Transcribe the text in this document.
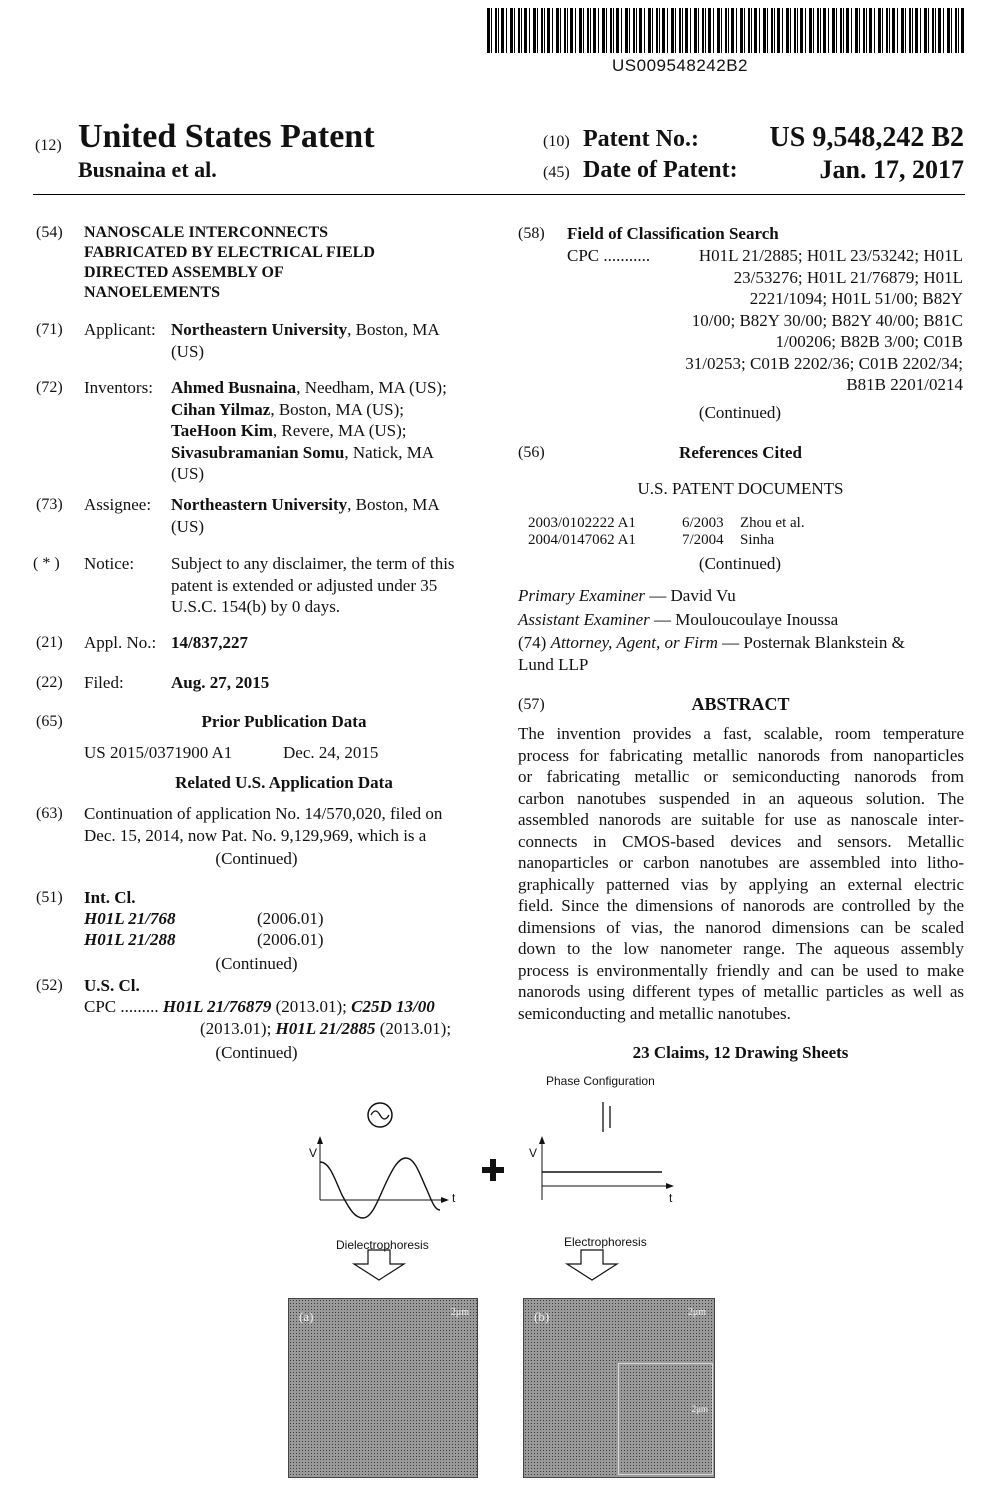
US009548242B2
(12) United States Patent
Busnaina et al.
(10) Patent No.:	US 9,548,242 B2
(45) Date of Patent:	Jan. 17, 2017
(54) NANOSCALE INTERCONNECTS
FABRICATED BY ELECTRICAL FIELD
DIRECTED ASSEMBLY OF
NANOELEMENTS
(71) Applicant: Northeastern University, Boston, MA
(US)
(72) Inventors: Ahmed Busnaina, Needham, MA (US);
Cihan Yilmaz, Boston, MA (US);
TaeHoon Kim, Revere, MA (US);
Sivasubramanian Somu, Natick, MA
(US)
(73) Assignee: Northeastern University, Boston, MA
(US)
( * ) Notice: Subject to any disclaimer, the term of this
patent is extended or adjusted under 35
U.S.C. 154(b) by 0 days.
(21) Appl. No.: 14/837,227
(22) Filed:	Aug. 27, 2015
(65)	Prior Publication Data
US 2015/0371900 A1	Dec. 24, 2015
Related U.S. Application Data
(63) Continuation of application No. 14/570,020, filed on
Dec. 15, 2014, now Pat. No. 9,129,969, which is a
(Continued)
(51) Int. Cl.
H01L 21/768	(2006.01)
H01L 21/288	(2006.01)
(Continued)
(52) U.S. Cl.
CPC ......... H01L 21/76879 (2013.01); C25D 13/00
(2013.01); H01L 21/2885 (2013.01);
(Continued)
(58) Field of Classification Search
CPC ...........	H01L 21/2885; H01L 23/53242; H01L
23/53276; H01L 21/76879; H01L
2221/1094; H01L 51/00; B82Y
10/00; B82Y 30/00; B82Y 40/00; B81C
1/00206; B82B 3/00; C01B
31/0253; C01B 2202/36; C01B 2202/34;
B81B 2201/0214
(Continued)
(56)	References Cited
U.S. PATENT DOCUMENTS
2003/0102222 A1	6/2003 Zhou et al.
2004/0147062 A1	7/2004 Sinha
(Continued)
Primary Examiner — David Vu
Assistant Examiner — Mouloucoulaye Inoussa
(74) Attorney, Agent, or Firm — Posternak Blankstein &
Lund LLP
(57)	ABSTRACT
The invention provides a fast, scalable, room temperature
process for fabricating metallic nanorods from nanoparticles
or fabricating metallic or semiconducting nanorods from
carbon nanotubes suspended in an aqueous solution. The
assembled nanorods are suitable for use as nanoscale inter-
connects in CMOS-based devices and sensors. Metallic
nanoparticles or carbon nanotubes are assembled into litho-
graphically patterned vias by applying an external electric
field. Since the dimensions of nanorods are controlled by the
dimensions of vias, the nanorod dimensions can be scaled
down to the low nanometer range. The aqueous assembly
process is environmentally friendly and can be used to make
nanorods using different types of metallic particles as well as
semiconducting and metallic nanotubes.
23 Claims, 12 Drawing Sheets
Phase Configuration
V
t
V
t
Dielectrophoresis	Electrophoresis
(a)	2μm	(b)	2μm
2μm
